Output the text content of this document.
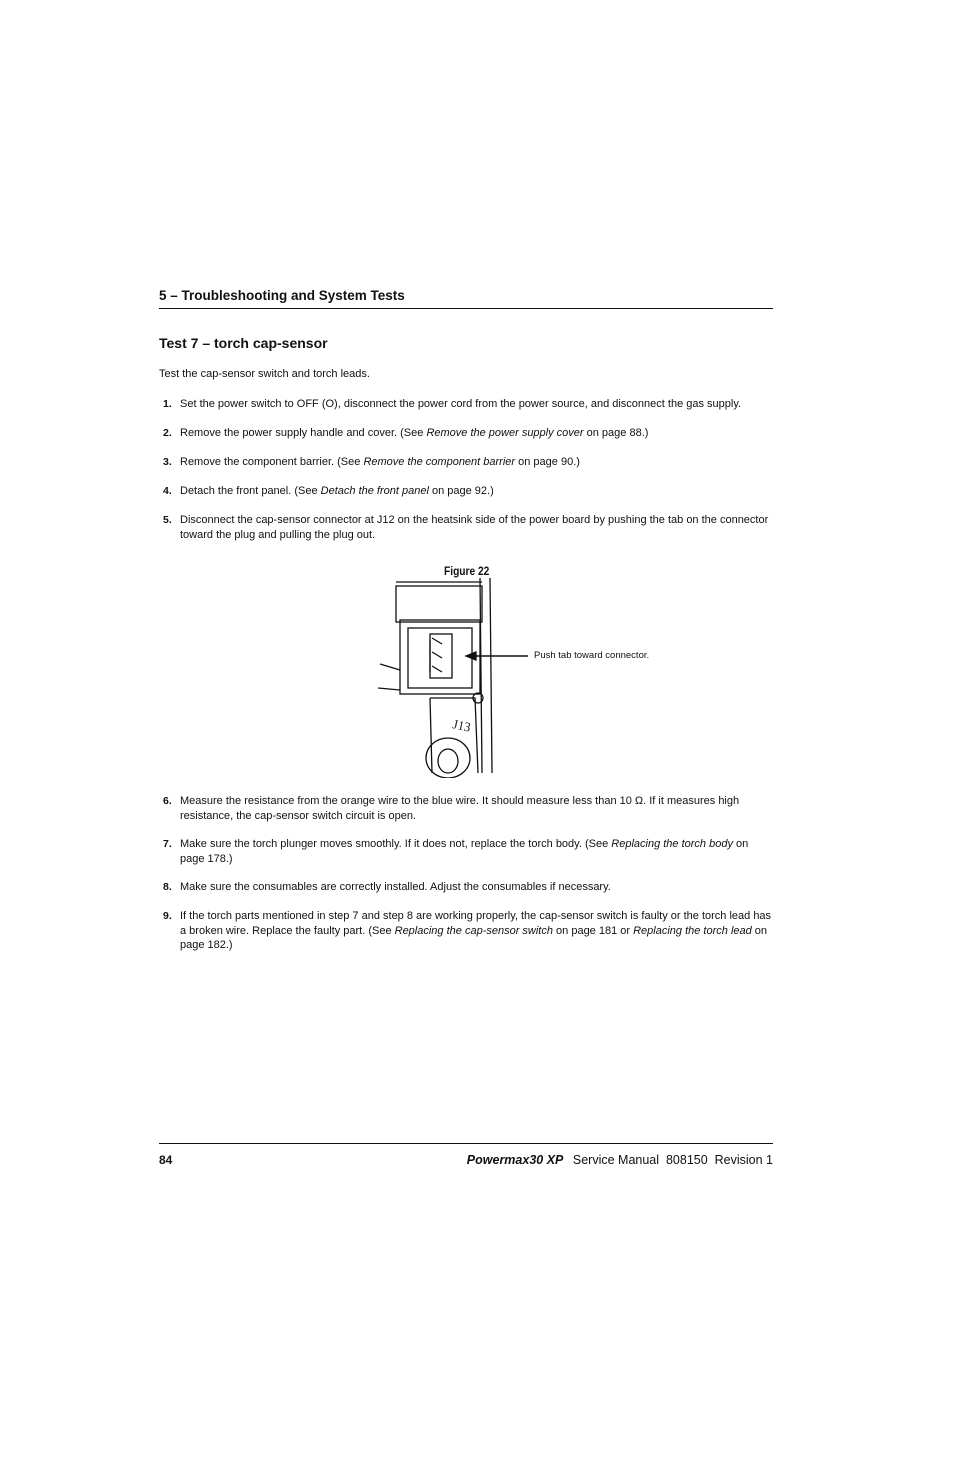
5 – Troubleshooting and System Tests
Test 7 – torch cap-sensor
Test the cap-sensor switch and torch leads.
1. Set the power switch to OFF (O), disconnect the power cord from the power source, and disconnect the gas supply.
2. Remove the power supply handle and cover. (See Remove the power supply cover on page 88.)
3. Remove the component barrier. (See Remove the component barrier on page 90.)
4. Detach the front panel. (See Detach the front panel on page 92.)
5. Disconnect the cap-sensor connector at J12 on the heatsink side of the power board by pushing the tab on the connector toward the plug and pulling the plug out.
Figure 22
J13
Push tab toward connector.
6. Measure the resistance from the orange wire to the blue wire. It should measure less than 10 Ω. If it measures high resistance, the cap-sensor switch circuit is open.
7. Make sure the torch plunger moves smoothly. If it does not, replace the torch body. (See Replacing the torch body on page 178.)
8. Make sure the consumables are correctly installed. Adjust the consumables if necessary.
9. If the torch parts mentioned in step 7 and step 8 are working properly, the cap-sensor switch is faulty or the torch lead has a broken wire. Replace the faulty part. (See Replacing the cap-sensor switch on page 181 or Replacing the torch lead on page 182.)
84	Powermax30 XP Service Manual  808150  Revision 1
